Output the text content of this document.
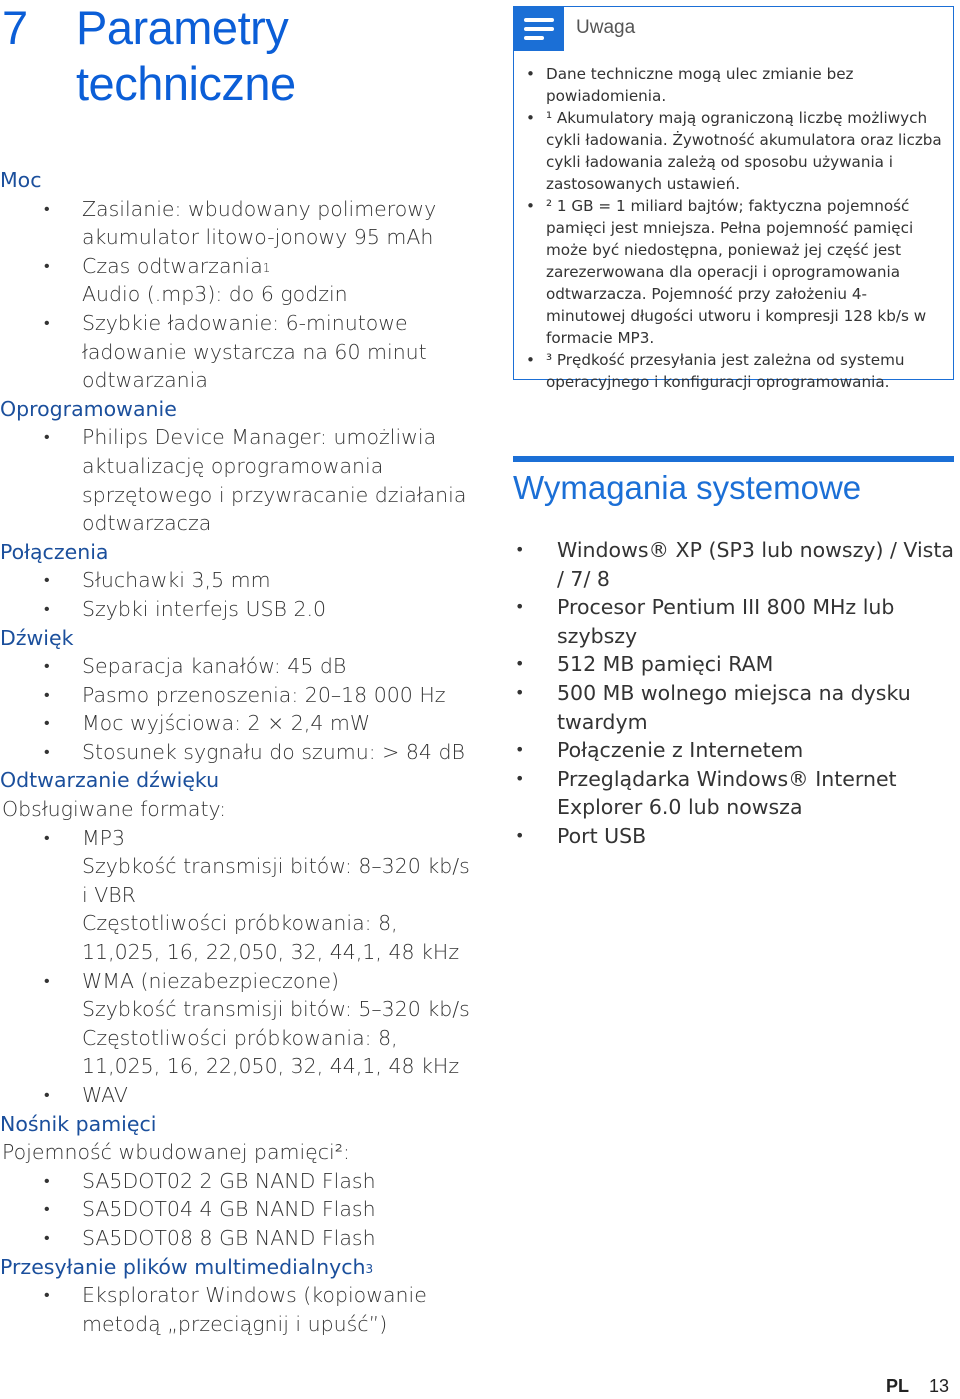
7 Parametry techniczne
Moc
• Zasilanie: wbudowany polimerowy akumulator litowo-jonowy 95 mAh
• Czas odtwarzania$^1$
Audio (.mp3): do 6 godzin
• Szybkie ładowanie: 6-minutowe ładowanie wystarcza na 60 minut odtwarzania
Oprogramowanie
• Philips Device Manager: umożliwia aktualizację oprogramowania sprzętowego i przywracanie działania odtwarzacza
Połączenia
• Słuchawki 3,5 mm
• Szybki interfejs USB 2.0
Dźwięk
• Separacja kanałów: 45 dB
• Pasmo przenoszenia: 20–18 000 Hz
• Moc wyjściowa: 2 × 2,4 mW
• Stosunek sygnału do szumu: > 84 dB
Odtwarzanie dźwięku
Obsługiwane formaty:
• MP3
Szybkość transmisji bitów: 8–320 kb/s i VBR
Częstotliwości próbkowania: 8, 11,025, 16, 22,050, 32, 44,1, 48 kHz
• WMA (niezabezpieczone)
Szybkość transmisji bitów: 5–320 kb/s
Częstotliwości próbkowania: 8, 11,025, 16, 22,050, 32, 44,1, 48 kHz
• WAV
Nośnik pamięci
Pojemność wbudowanej pamięci²:
• SA5DOT02 2 GB NAND Flash
• SA5DOT04 4 GB NAND Flash
• SA5DOT08 8 GB NAND Flash
Przesyłanie plików multimedialnych$^3$
• Eksplorator Windows (kopiowanie metodą „przeciągnij i upuść”)
Uwaga
• Dane techniczne mogą ulec zmianie bez powiadomienia.
• ¹ Akumulatory mają ograniczoną liczbę możliwych cykli ładowania. Żywotność akumulatora oraz liczba cykli ładowania zależą od sposobu używania i zastosowanych ustawień.
• ² 1 GB = 1 miliard bajtów; faktyczna pojemność pamięci jest mniejsza. Pełna pojemność pamięci może być niedostępna, ponieważ jej część jest zarezerwowana dla operacji i oprogramowania odtwarzacza. Pojemność przy założeniu 4-minutowej długości utworu i kompresji 128 kb/s w formacie MP3.
• ³ Prędkość przesyłania jest zależna od systemu operacyjnego i konfiguracji oprogramowania.
Wymagania systemowe
• Windows® XP (SP3 lub nowszy) / Vista / 7/ 8
• Procesor Pentium III 800 MHz lub szybszy
• 512 MB pamięci RAM
• 500 MB wolnego miejsca na dysku twardym
• Połączenie z Internetem
• Przeglądarka Windows® Internet Explorer 6.0 lub nowsza
• Port USB
PL 13
